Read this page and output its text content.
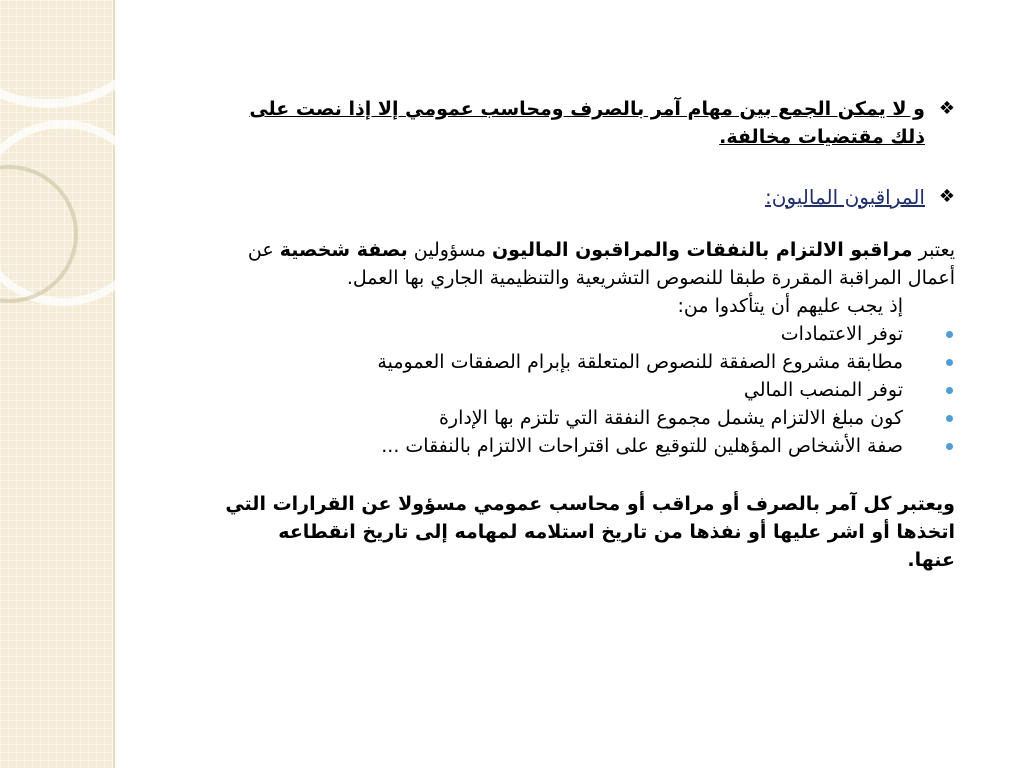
❖
و لا يمكن الجمع بين مهام آمر بالصرف ومحاسب عمومي إلا إذا نصت على ذلك مقتضيات مخالفة.
❖
المراقبون الماليون:
يعتبر مراقبو الالتزام بالنفقات والمراقبون الماليون مسؤولين بصفة شخصية عن أعمال المراقبة المقررة طبقا للنصوص التشريعية والتنظيمية الجاري بها العمل.
إذ يجب عليهم أن يتأكدوا من:
توفر الاعتمادات
مطابقة مشروع الصفقة للنصوص المتعلقة بإبرام الصفقات العمومية
توفر المنصب المالي
كون مبلغ الالتزام يشمل مجموع النفقة التي تلتزم بها الإدارة
صفة الأشخاص المؤهلين للتوقيع على اقتراحات الالتزام بالنفقات ...
ويعتبر كل آمر بالصرف أو مراقب أو محاسب عمومي مسؤولا عن القرارات التي اتخذها أو اشر عليها أو نفذها من تاريخ استلامه لمهامه إلى تاريخ انقطاعه عنها.
